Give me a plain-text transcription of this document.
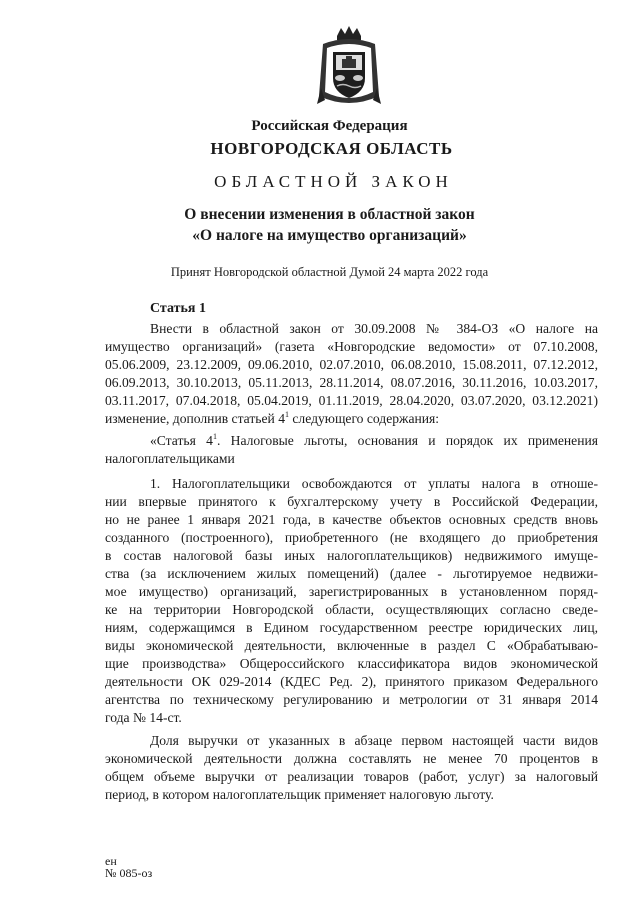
Российская Федерация
НОВГОРОДСКАЯ ОБЛАСТЬ
ОБЛАСТНОЙ ЗАКОН
О внесении изменения в областной закон
«О налоге на имущество организаций»
Принят Новгородской областной Думой 24 марта 2022 года
Статья 1
Внести в областной закон от 30.09.2008 № 384-ОЗ «О налоге на
имущество организаций» (газета «Новгородские ведомости» от 07.10.2008,
05.06.2009, 23.12.2009, 09.06.2010, 02.07.2010, 06.08.2010, 15.08.2011, 07.12.2012,
06.09.2013, 30.10.2013, 05.11.2013, 28.11.2014, 08.07.2016, 30.11.2016, 10.03.2017,
03.11.2017, 07.04.2018, 05.04.2019, 01.11.2019, 28.04.2020, 03.07.2020, 03.12.2021)
изменение, дополнив статьей $4^1$ следующего содержания:
«Статья $4^1$. Налоговые льготы, основания и порядок их применения
налогоплательщиками
1. Налогоплательщики освобождаются от уплаты налога в отноше-
нии впервые принятого к бухгалтерскому учету в Российской Федерации,
но не ранее 1 января 2021 года, в качестве объектов основных средств вновь
созданного (построенного), приобретенного (не входящего до приобретения
в состав налоговой базы иных налогоплательщиков) недвижимого имуще-
ства (за исключением жилых помещений) (далее - льготируемое недвижи-
мое имущество) организаций, зарегистрированных в установленном поряд-
ке на территории Новгородской области, осуществляющих согласно сведе-
ниям, содержащимся в Едином государственном реестре юридических лиц,
виды экономической деятельности, включенные в раздел С «Обрабатываю-
щие производства» Общероссийского классификатора видов экономической
деятельности ОК 029-2014 (КДЕС Ред. 2), принятого приказом Федерального
агентства по техническому регулированию и метрологии от 31 января 2014
года № 14-ст.
Доля выручки от указанных в абзаце первом настоящей части видов
экономической деятельности должна составлять не менее 70 процентов в
общем объеме выручки от реализации товаров (работ, услуг) за налоговый
период, в котором налогоплательщик применяет налоговую льготу.
ен
№ 085-оз
